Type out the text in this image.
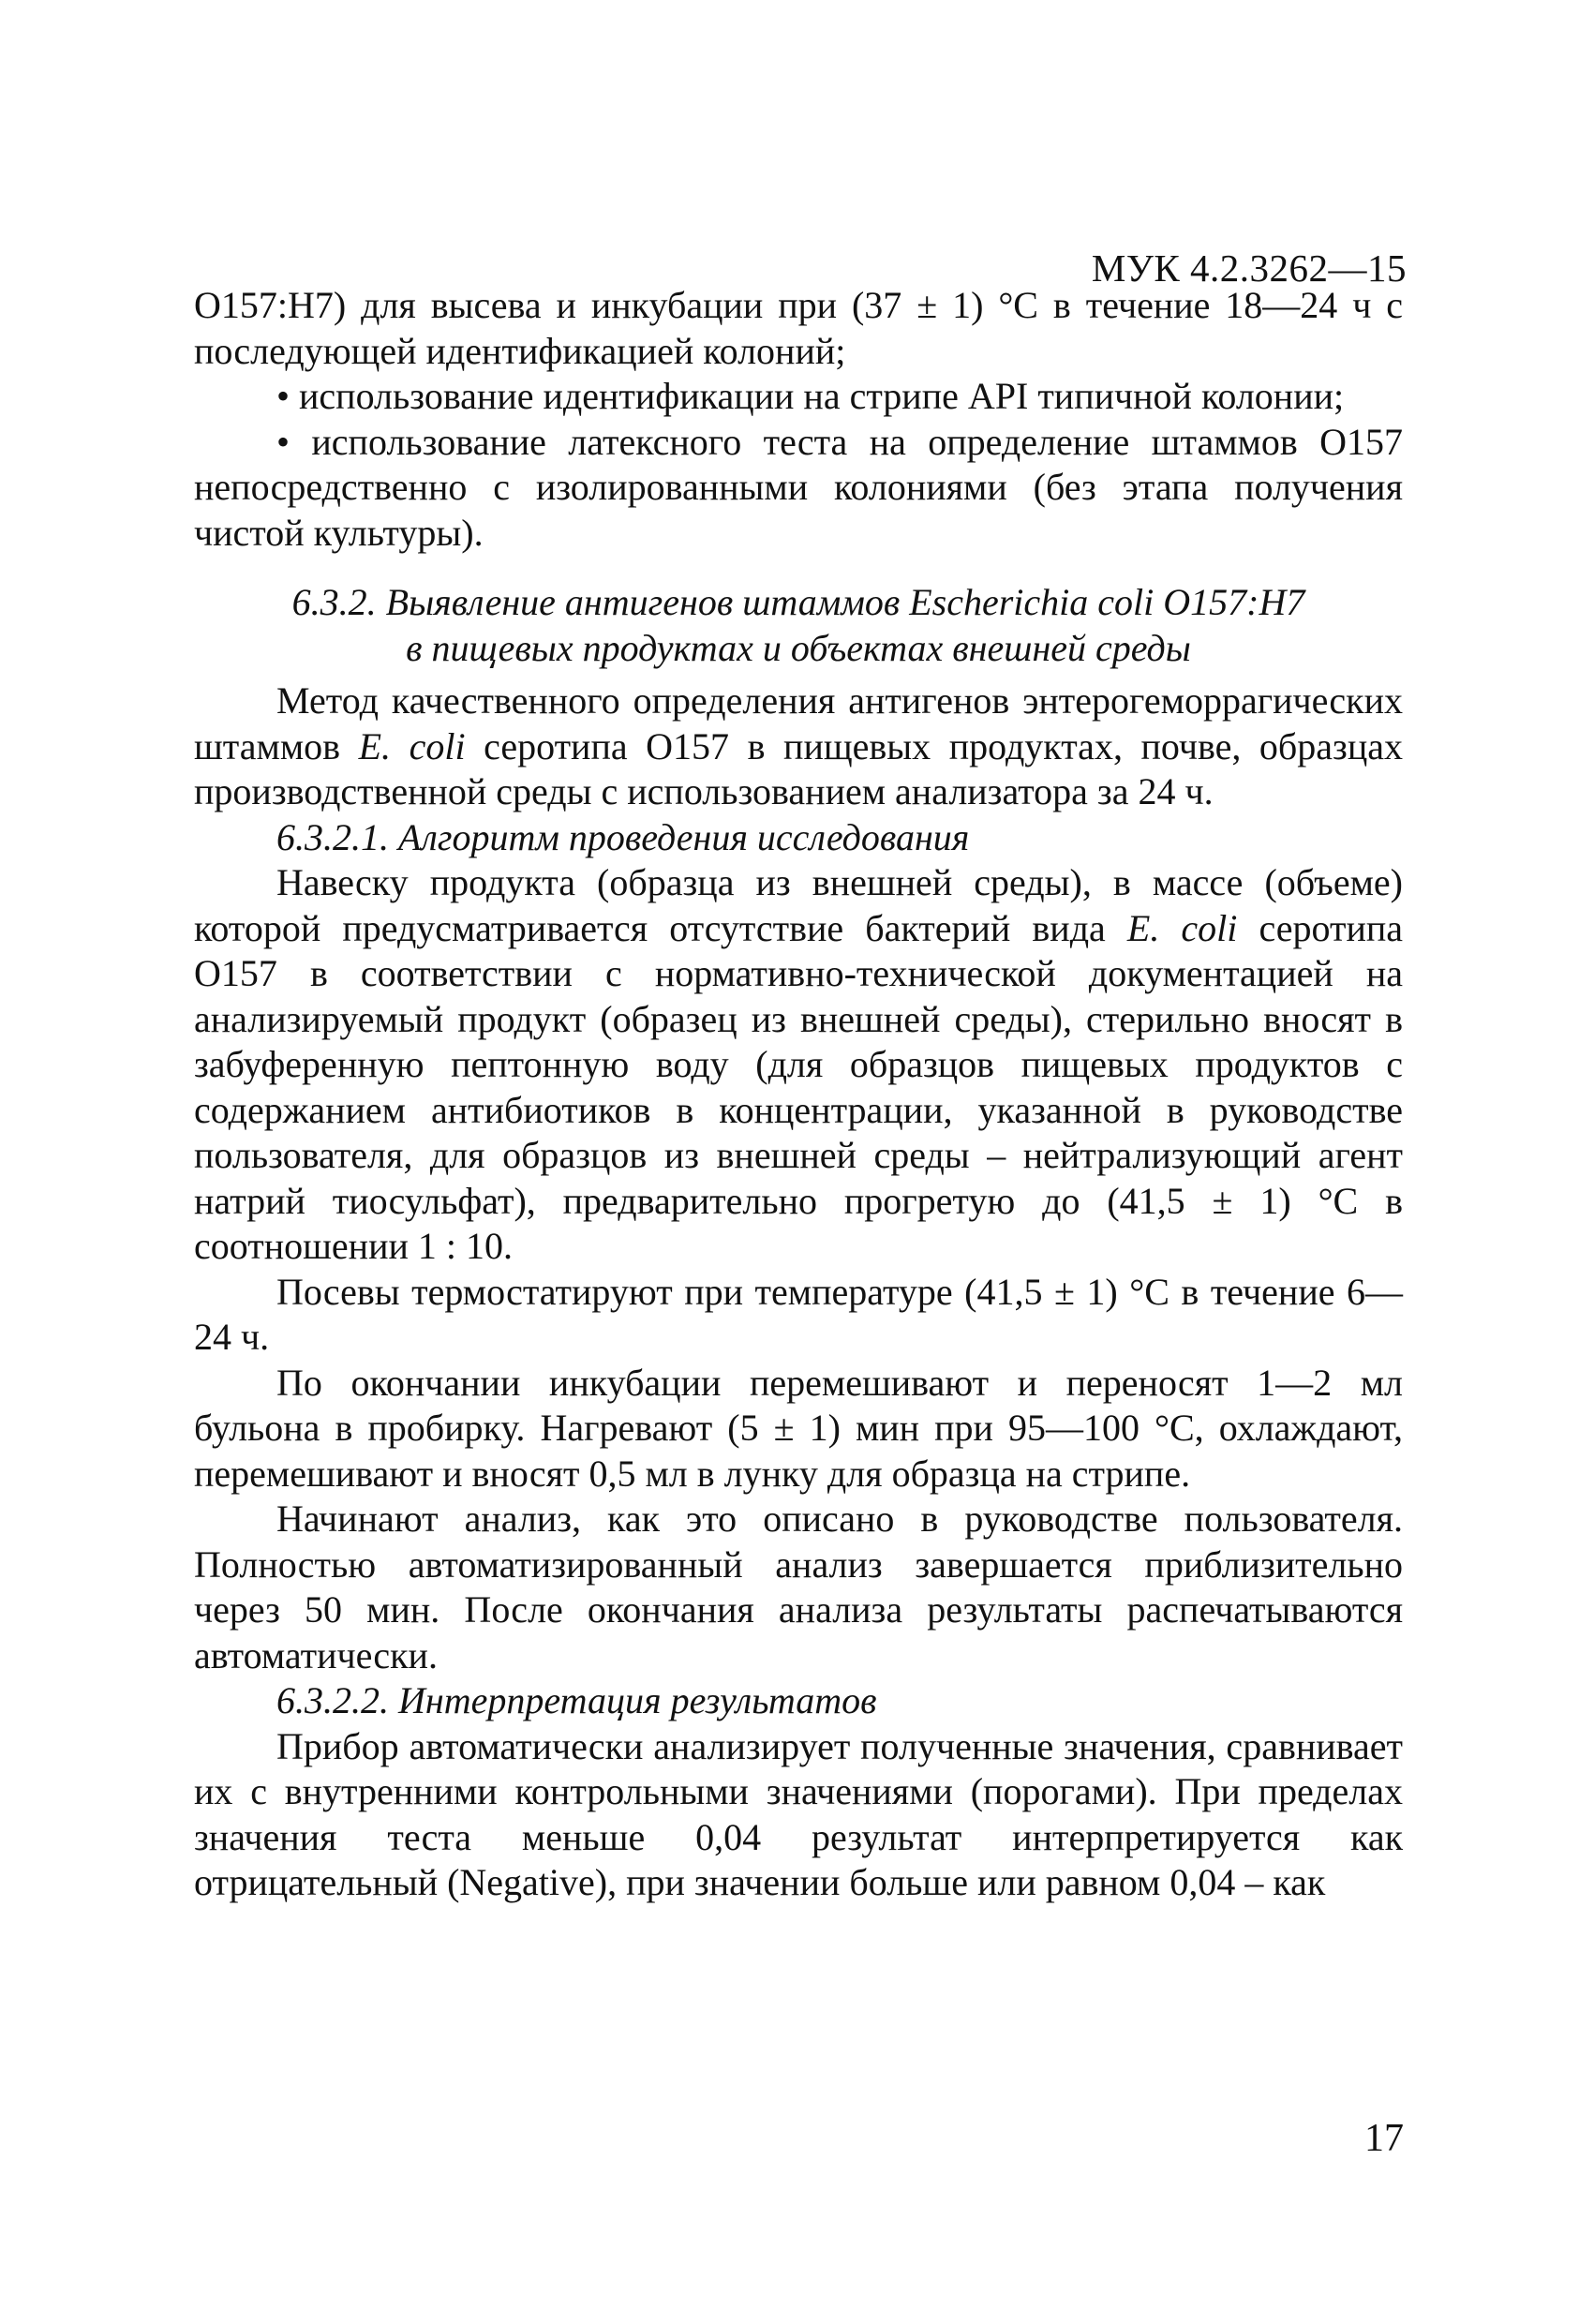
МУК 4.2.3262—15

О157:Н7) для высева и инкубации при (37 ± 1) °С в течение 18—24 ч с последующей идентификацией колоний;

• использование идентификации на стрипе API типичной колонии;

• использование латексного теста на определение штаммов O157 непосредственно с изолированными колониями (без этапа получения чистой культуры).

6.3.2. Выявление антигенов штаммов Escherichia coli O157:H7

в пищевых продуктах и объектах внешней среды

Метод качественного определения антигенов энтерогеморрагических штаммов E. coli серотипа О157 в пищевых продуктах, почве, образцах производственной среды с использованием анализатора за 24 ч.

6.3.2.1. Алгоритм проведения исследования

Навеску продукта (образца из внешней среды), в массе (объеме) которой предусматривается отсутствие бактерий вида E. coli серотипа О157 в соответствии с нормативно-технической документацией на анализируемый продукт (образец из внешней среды), стерильно вносят в забуференную пептонную воду (для образцов пищевых продуктов с содержанием антибиотиков в концентрации, указанной в руководстве пользователя, для образцов из внешней среды – нейтрализующий агент натрий тиосульфат), предварительно прогретую до (41,5 ± 1) °С в соотношении 1 : 10.

Посевы термостатируют при температуре (41,5 ± 1) °С в течение 6—24 ч.

По окончании инкубации перемешивают и переносят 1—2 мл бульона в пробирку. Нагревают (5 ± 1) мин при 95—100 °С, охлаждают, перемешивают и вносят 0,5 мл в лунку для образца на стрипе.

Начинают анализ, как это описано в руководстве пользователя. Полностью автоматизированный анализ завершается приблизительно через 50 мин. После окончания анализа результаты распечатываются автоматически.

6.3.2.2. Интерпретация результатов

Прибор автоматически анализирует полученные значения, сравнивает их с внутренними контрольными значениями (порогами). При пределах значения теста меньше 0,04 результат интерпретируется как отрицательный (Negative), при значении больше или равном 0,04 – как

17
